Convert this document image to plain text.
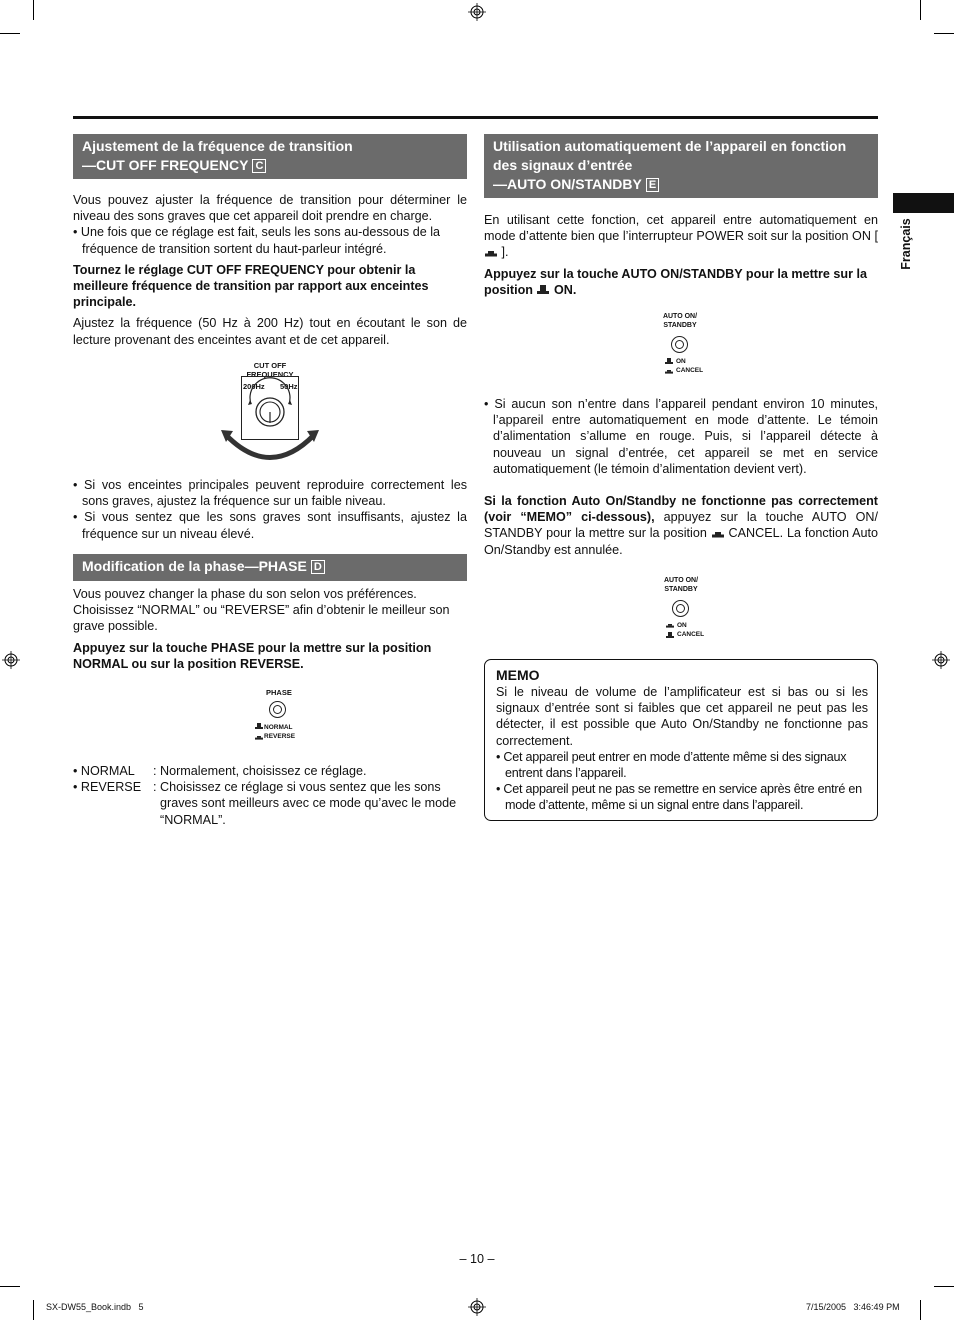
Français
Ajustement de la fréquence de transition
—CUT OFF FREQUENCY C

Vous pouvez ajuster la fréquence de transition pour déterminer le niveau des sons graves que cet appareil doit prendre en charge.

• Une fois que ce réglage est fait, seuls les sons au-dessous de la fréquence de transition sortent du haut-parleur intégré.

Tournez le réglage CUT OFF FREQUENCY pour obtenir la meilleure fréquence de transition par rapport aux enceintes principale.

Ajustez la fréquence (50 Hz à 200 Hz) tout en écoutant le son de lecture provenant des enceintes avant et de cet appareil.

CUT OFF
FREQUENCY
200Hz 50Hz

• Si vos enceintes principales peuvent reproduire correctement les sons graves, ajustez la fréquence sur un faible niveau.

• Si vous sentez que les sons graves sont insuffisants, ajustez la fréquence sur un niveau élevé.

Modification de la phase—PHASE D

Vous pouvez changer la phase du son selon vos préférences. Choisissez “NORMAL” ou “REVERSE” afin d’obtenir le meilleur son grave possible.

Appuyez sur la touche PHASE pour la mettre sur la position NORMAL ou sur la position REVERSE.

PHASE
NORMAL
REVERSE
• NORMAL	: Normalement, choisissez ce réglage.
• REVERSE : Choisissez ce réglage si vous sentez que les sons graves sont meilleurs avec ce mode qu’avec le mode “NORMAL”.
Utilisation automatiquement de l’appareil en fonction
des signaux d’entrée
—AUTO ON/STANDBY E

En utilisant cette fonction, cet appareil entre automatiquement en mode d’attente bien que l’interrupteur POWER soit sur la position ON [  ].

Appuyez sur la touche AUTO ON/STANDBY pour la mettre sur la position ON.

AUTO ON/
STANDBY
ON
CANCEL

• Si aucun son n’entre dans l’appareil pendant environ 10 minutes, l’appareil entre automatiquement en mode d’attente. Le témoin d’alimentation s’allume en rouge. Puis, si l’appareil détecte à nouveau un signal d’entrée, cet appareil se met en service automatiquement (le témoin d’alimentation devient vert).

Si la fonction Auto On/Standby ne fonctionne pas correctement (voir “MEMO” ci-dessous), appuyez sur la touche AUTO ON/ STANDBY pour la mettre sur la position CANCEL. La fonction Auto On/Standby est annulée.

AUTO ON/
STANDBY
ON
CANCEL
MEMO

Si le niveau de volume de l’amplificateur est si bas ou si les signaux d’entrée sont si faibles que cet appareil ne peut pas les détecter, il est possible que Auto On/Standby ne fonctionne pas correctement.

• Cet appareil peut entrer en mode d’attente même si des signaux entrent dans l’appareil.

• Cet appareil peut ne pas se remettre en service après être entré en mode d’attente, même si un signal entre dans l’appareil.

– 10 –
SX-DW55_Book.indb   5	7/15/2005   3:46:49 PM
